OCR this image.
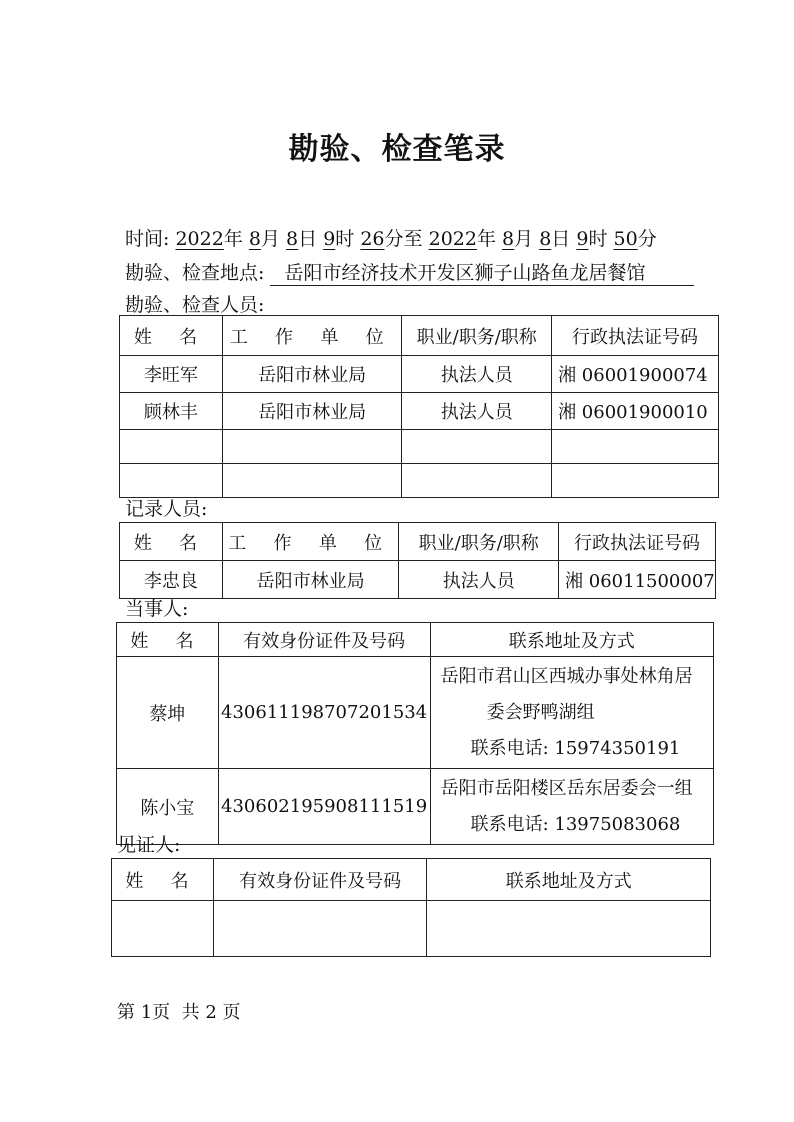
勘验、检查笔录
时间: 2022年 8月 8日 9时 26分至 2022年 8月 8日 9时 50分
勘验、检查地点: 岳阳市经济技术开发区狮子山路鱼龙居餐馆
勘验、检查人员:
姓 名	工 作 单 位	职业/职务/职称	行政执法证号码
李旺军	岳阳市林业局	执法人员	湘 06001900074
顾林丰	岳阳市林业局	执法人员	湘 06001900010

记录人员:
姓 名	工 作 单 位	职业/职务/职称	行政执法证号码
李忠良	岳阳市林业局	执法人员	湘 06011500007
当事人:
姓 名	有效身份证件及号码	联系地址及方式
蔡坤	430611198707201534	岳阳市君山区西城办事处林角居
委会野鸭湖组
联系电话: 15974350191

陈小宝	430602195908111519	岳阳市岳阳楼区岳东居委会一组
联系电话: 13975083068
见证人:
姓 名	有效身份证件及号码	联系地址及方式

第 1页  共 2 页
